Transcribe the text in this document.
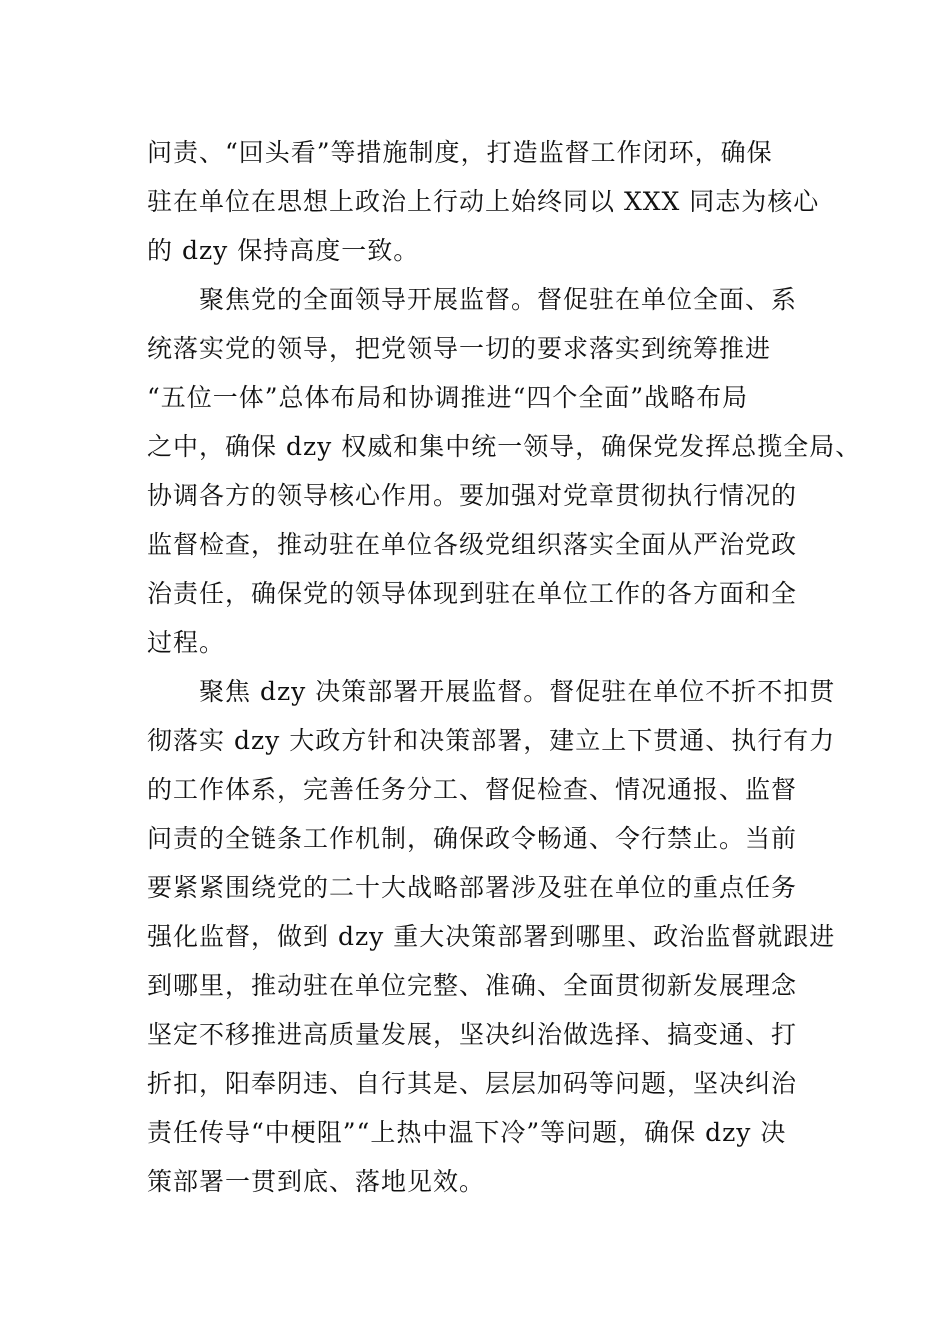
问责、“回头看”等措施制度，打造监督工作闭环，确保
驻在单位在思想上政治上行动上始终同以 XXX 同志为核心
的 dzy 保持高度一致。
　　聚焦党的全面领导开展监督。督促驻在单位全面、系
统落实党的领导，把党领导一切的要求落实到统筹推进
“五位一体”总体布局和协调推进“四个全面”战略布局
之中，确保 dzy 权威和集中统一领导，确保党发挥总揽全局、
协调各方的领导核心作用。要加强对党章贯彻执行情况的
监督检查，推动驻在单位各级党组织落实全面从严治党政
治责任，确保党的领导体现到驻在单位工作的各方面和全
过程。
　　聚焦 dzy 决策部署开展监督。督促驻在单位不折不扣贯
彻落实 dzy 大政方针和决策部署，建立上下贯通、执行有力
的工作体系，完善任务分工、督促检查、情况通报、监督
问责的全链条工作机制，确保政令畅通、令行禁止。当前
要紧紧围绕党的二十大战略部署涉及驻在单位的重点任务
强化监督，做到 dzy 重大决策部署到哪里、政治监督就跟进
到哪里，推动驻在单位完整、准确、全面贯彻新发展理念
坚定不移推进高质量发展，坚决纠治做选择、搞变通、打
折扣，阳奉阴违、自行其是、层层加码等问题，坚决纠治
责任传导“中梗阻”“上热中温下冷”等问题，确保 dzy 决
策部署一贯到底、落地见效。
